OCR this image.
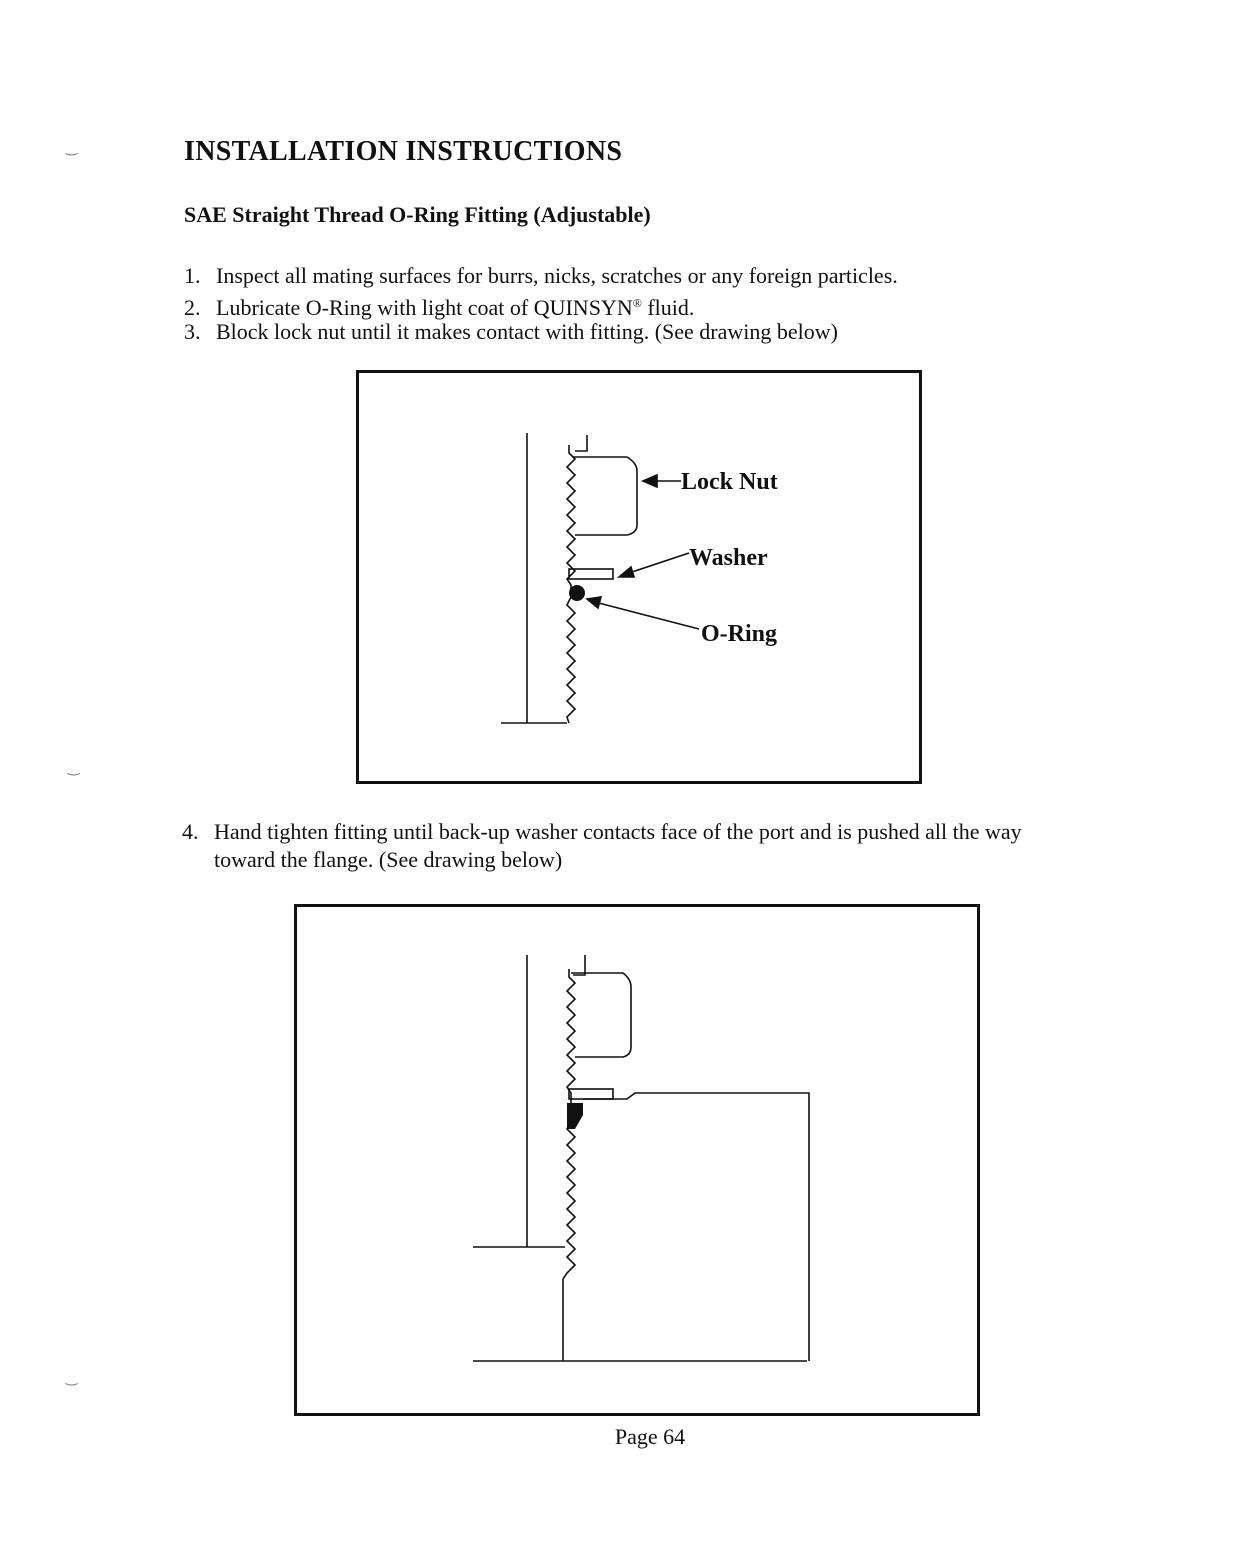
‿
‿
‿
INSTALLATION INSTRUCTIONS
SAE Straight Thread O-Ring Fitting (Adjustable)
1. Inspect all mating surfaces for burrs, nicks, scratches or any foreign particles.
2. Lubricate O-Ring with light coat of QUINSYN® fluid.
3. Block lock nut until it makes contact with fitting. (See drawing below)
Lock Nut
Washer
O-Ring
4. Hand tighten fitting until back-up washer contacts face of the port and is pushed all the way
toward the flange. (See drawing below)
Page 64
